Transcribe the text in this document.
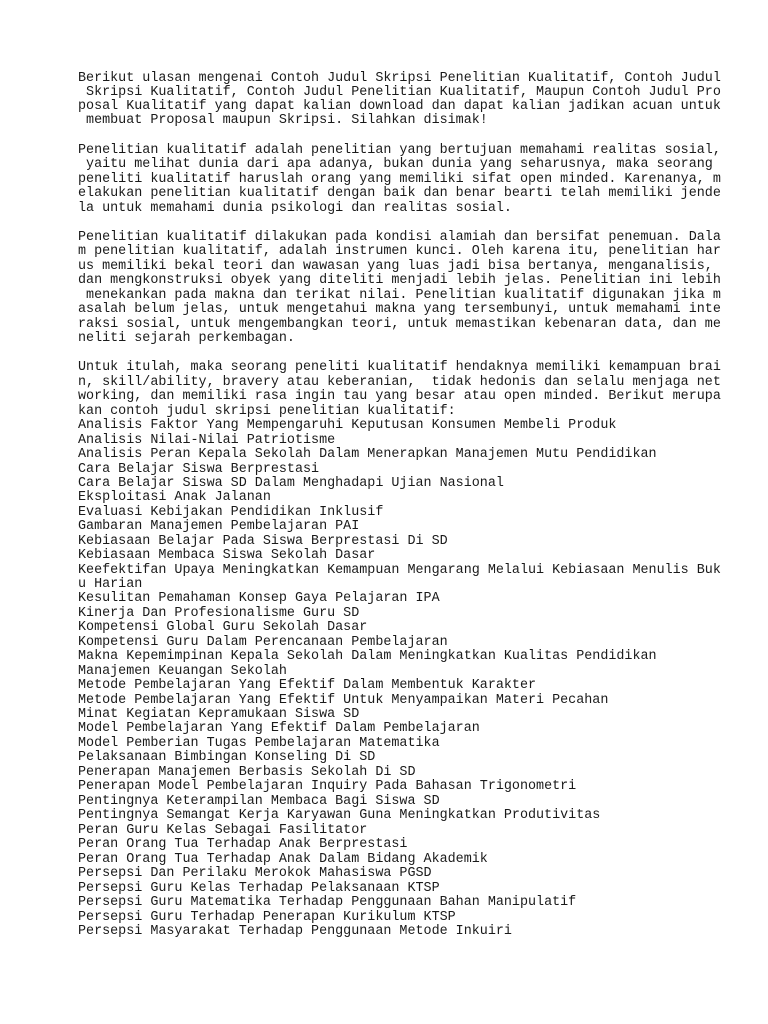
Berikut ulasan mengenai Contoh Judul Skripsi Penelitian Kualitatif, Contoh Judul
Skripsi Kualitatif, Contoh Judul Penelitian Kualitatif, Maupun Contoh Judul Pro
posal Kualitatif yang dapat kalian download dan dapat kalian jadikan acuan untuk
membuat Proposal maupun Skripsi. Silahkan disimak!
Penelitian kualitatif adalah penelitian yang bertujuan memahami realitas sosial,
yaitu melihat dunia dari apa adanya, bukan dunia yang seharusnya, maka seorang
peneliti kualitatif haruslah orang yang memiliki sifat open minded. Karenanya, m
elakukan penelitian kualitatif dengan baik dan benar bearti telah memiliki jende
la untuk memahami dunia psikologi dan realitas sosial.
Penelitian kualitatif dilakukan pada kondisi alamiah dan bersifat penemuan. Dala
m penelitian kualitatif, adalah instrumen kunci. Oleh karena itu, penelitian har
us memiliki bekal teori dan wawasan yang luas jadi bisa bertanya, menganalisis,
dan mengkonstruksi obyek yang diteliti menjadi lebih jelas. Penelitian ini lebih
menekankan pada makna dan terikat nilai. Penelitian kualitatif digunakan jika m
asalah belum jelas, untuk mengetahui makna yang tersembunyi, untuk memahami inte
raksi sosial, untuk mengembangkan teori, untuk memastikan kebenaran data, dan me
neliti sejarah perkembagan.
Untuk itulah, maka seorang peneliti kualitatif hendaknya memiliki kemampuan brai
n, skill/ability, bravery atau keberanian,  tidak hedonis dan selalu menjaga net
working, dan memiliki rasa ingin tau yang besar atau open minded. Berikut merupa
kan contoh judul skripsi penelitian kualitatif:
Analisis Faktor Yang Mempengaruhi Keputusan Konsumen Membeli Produk
Analisis Nilai-Nilai Patriotisme
Analisis Peran Kepala Sekolah Dalam Menerapkan Manajemen Mutu Pendidikan
Cara Belajar Siswa Berprestasi
Cara Belajar Siswa SD Dalam Menghadapi Ujian Nasional
Eksploitasi Anak Jalanan
Evaluasi Kebijakan Pendidikan Inklusif
Gambaran Manajemen Pembelajaran PAI
Kebiasaan Belajar Pada Siswa Berprestasi Di SD
Kebiasaan Membaca Siswa Sekolah Dasar
Keefektifan Upaya Meningkatkan Kemampuan Mengarang Melalui Kebiasaan Menulis Buk
u Harian
Kesulitan Pemahaman Konsep Gaya Pelajaran IPA
Kinerja Dan Profesionalisme Guru SD
Kompetensi Global Guru Sekolah Dasar
Kompetensi Guru Dalam Perencanaan Pembelajaran
Makna Kepemimpinan Kepala Sekolah Dalam Meningkatkan Kualitas Pendidikan
Manajemen Keuangan Sekolah
Metode Pembelajaran Yang Efektif Dalam Membentuk Karakter
Metode Pembelajaran Yang Efektif Untuk Menyampaikan Materi Pecahan
Minat Kegiatan Kepramukaan Siswa SD
Model Pembelajaran Yang Efektif Dalam Pembelajaran
Model Pemberian Tugas Pembelajaran Matematika
Pelaksanaan Bimbingan Konseling Di SD
Penerapan Manajemen Berbasis Sekolah Di SD
Penerapan Model Pembelajaran Inquiry Pada Bahasan Trigonometri
Pentingnya Keterampilan Membaca Bagi Siswa SD
Pentingnya Semangat Kerja Karyawan Guna Meningkatkan Produtivitas
Peran Guru Kelas Sebagai Fasilitator
Peran Orang Tua Terhadap Anak Berprestasi
Peran Orang Tua Terhadap Anak Dalam Bidang Akademik
Persepsi Dan Perilaku Merokok Mahasiswa PGSD
Persepsi Guru Kelas Terhadap Pelaksanaan KTSP
Persepsi Guru Matematika Terhadap Penggunaan Bahan Manipulatif
Persepsi Guru Terhadap Penerapan Kurikulum KTSP
Persepsi Masyarakat Terhadap Penggunaan Metode Inkuiri
